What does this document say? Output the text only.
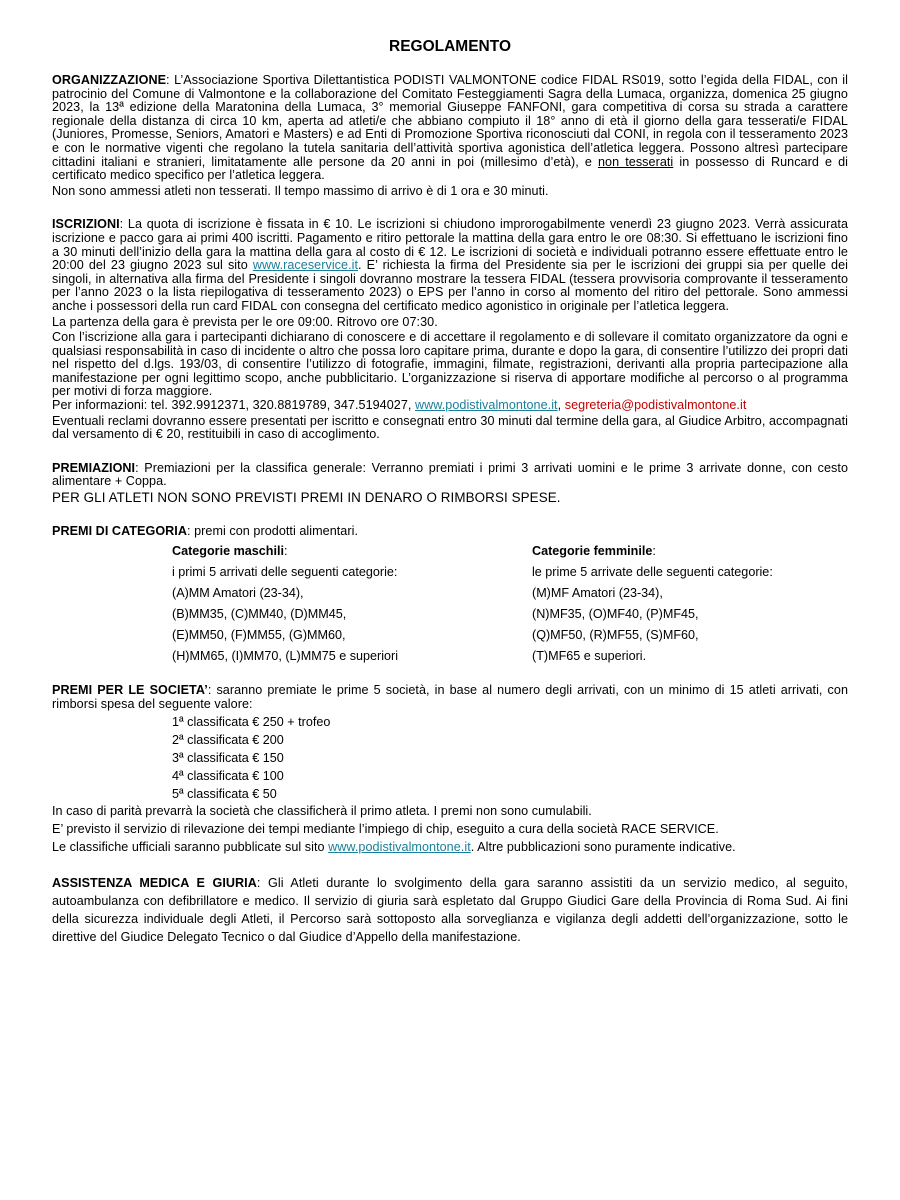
REGOLAMENTO

ORGANIZZAZIONE: L’Associazione Sportiva Dilettantistica PODISTI VALMONTONE codice FIDAL RS019, sotto l’egida della FIDAL, con il patrocinio del Comune di Valmontone e la collaborazione del Comitato Festeggiamenti Sagra della Lumaca, organizza, domenica 25 giugno 2023, la 13ª edizione della Maratonina della Lumaca, 3° memorial Giuseppe FANFONI, gara competitiva di corsa su strada a carattere regionale della distanza di circa 10 km, aperta ad atleti/e che abbiano compiuto il 18° anno di età il giorno della gara tesserati/e FIDAL (Juniores, Promesse, Seniors, Amatori e Masters) e ad Enti di Promozione Sportiva riconosciuti dal CONI, in regola con il tesseramento 2023 e con le normative vigenti che regolano la tutela sanitaria dell’attività sportiva agonistica dell’atletica leggera. Possono altresì partecipare cittadini italiani e stranieri, limitatamente alle persone da 20 anni in poi (millesimo d’età), e non tesserati in possesso di Runcard e di certificato medico specifico per l’atletica leggera.

Non sono ammessi atleti non tesserati. Il tempo massimo di arrivo è di 1 ora e 30 minuti.

ISCRIZIONI: La quota di iscrizione è fissata in € 10. Le iscrizioni si chiudono improrogabilmente venerdì 23 giugno 2023. Verrà assicurata iscrizione e pacco gara ai primi 400 iscritti. Pagamento e ritiro pettorale la mattina della gara entro le ore 08:30. Si effettuano le iscrizioni fino a 30 minuti dell’inizio della gara la mattina della gara al costo di € 12. Le iscrizioni di società e individuali potranno essere effettuate entro le 20:00 del 23 giugno 2023 sul sito www.raceservice.it. E’ richiesta la firma del Presidente sia per le iscrizioni dei gruppi sia per quelle dei singoli, in alternativa alla firma del Presidente i singoli dovranno mostrare la tessera FIDAL (tessera provvisoria comprovante il tesseramento per l’anno 2023 o la lista riepilogativa di tesseramento 2023) o EPS per l’anno in corso al momento del ritiro del pettorale. Sono ammessi anche i possessori della run card FIDAL con consegna del certificato medico agonistico in originale per l’atletica leggera.

La partenza della gara è prevista per le ore 09:00. Ritrovo ore 07:30.

Con l’iscrizione alla gara i partecipanti dichiarano di conoscere e di accettare il regolamento e di sollevare il comitato organizzatore da ogni e qualsiasi responsabilità in caso di incidente o altro che possa loro capitare prima, durante e dopo la gara, di consentire l’utilizzo dei propri dati nel rispetto del d.lgs. 193/03, di consentire l’utilizzo di fotografie, immagini, filmate, registrazioni, derivanti alla propria partecipazione alla manifestazione per ogni legittimo scopo, anche pubblicitario. L’organizzazione si riserva di apportare modifiche al percorso o al programma per motivi di forza maggiore.

Per informazioni: tel. 392.9912371, 320.8819789, 347.5194027, www.podistivalmontone.it, segreteria@podistivalmontone.it

Eventuali reclami dovranno essere presentati per iscritto e consegnati entro 30 minuti dal termine della gara, al Giudice Arbitro, accompagnati dal versamento di € 20, restituibili in caso di accoglimento.

PREMIAZIONI: Premiazioni per la classifica generale: Verranno premiati i primi 3 arrivati uomini e le prime 3 arrivate donne, con cesto alimentare + Coppa.

PER GLI ATLETI NON SONO PREVISTI PREMI IN DENARO O RIMBORSI SPESE.

PREMI DI CATEGORIA: premi con prodotti alimentari.

Categorie maschili:	Categorie femminile:
i primi 5 arrivati delle seguenti categorie:	le prime 5 arrivate delle seguenti categorie:
(A)MM Amatori (23-34),	(M)MF Amatori (23-34),
(B)MM35, (C)MM40, (D)MM45,	(N)MF35, (O)MF40, (P)MF45,
(E)MM50, (F)MM55, (G)MM60,	(Q)MF50, (R)MF55, (S)MF60,
(H)MM65, (I)MM70, (L)MM75 e superiori	(T)MF65 e superiori.

PREMI PER LE SOCIETA’: saranno premiate le prime 5 società, in base al numero degli arrivati, con un minimo di 15 atleti arrivati, con rimborsi spesa del seguente valore:

1ª classificata € 250 + trofeo
2ª classificata € 200
3ª classificata € 150
4ª classificata € 100
5ª classificata € 50

In caso di parità prevarrà la società che classificherà il primo atleta. I premi non sono cumulabili.

E’ previsto il servizio di rilevazione dei tempi mediante l’impiego di chip, eseguito a cura della società RACE SERVICE.

Le classifiche ufficiali saranno pubblicate sul sito www.podistivalmontone.it. Altre pubblicazioni sono puramente indicative.

ASSISTENZA MEDICA E GIURIA: Gli Atleti durante lo svolgimento della gara saranno assistiti da un servizio medico, al seguito, autoambulanza con defibrillatore e medico. Il servizio di giuria sarà espletato dal Gruppo Giudici Gare della Provincia di Roma Sud. Ai fini della sicurezza individuale degli Atleti, il Percorso sarà sottoposto alla sorveglianza e vigilanza degli addetti dell’organizzazione, sotto le direttive del Giudice Delegato Tecnico o dal Giudice d’Appello della manifestazione.
